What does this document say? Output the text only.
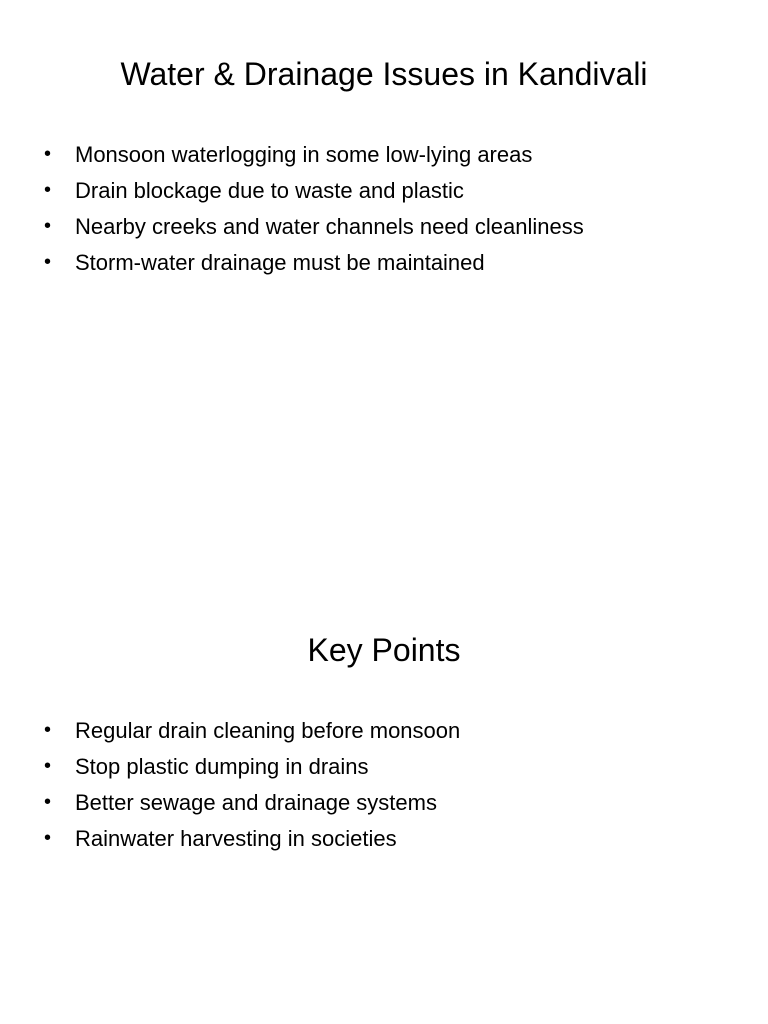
Water & Drainage Issues in Kandivali
•	Monsoon waterlogging in some low-lying areas
•	Drain blockage due to waste and plastic
•	Nearby creeks and water channels need cleanliness
•	Storm-water drainage must be maintained
Key Points
•	Regular drain cleaning before monsoon
•	Stop plastic dumping in drains
•	Better sewage and drainage systems
•	Rainwater harvesting in societies
